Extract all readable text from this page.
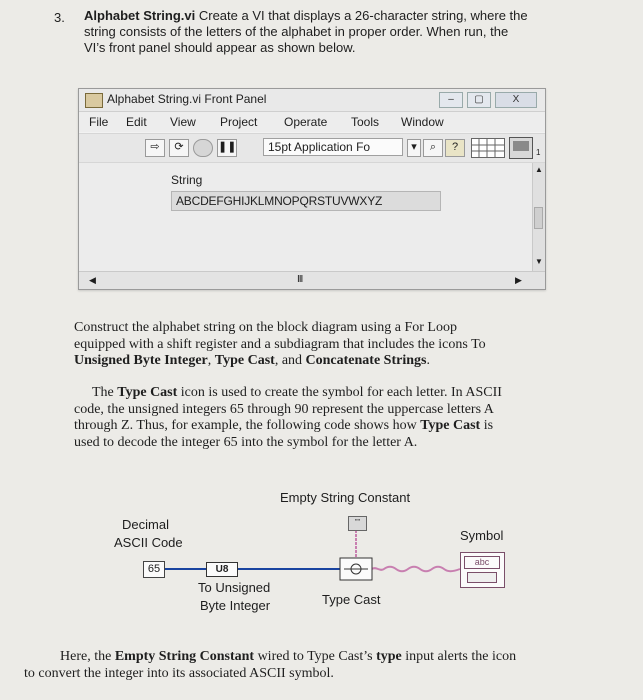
3. Alphabet String.vi Create a VI that displays a 26-character string, where the
string consists of the letters of the alphabet in proper order. When run, the
VI’s front panel should appear as shown below.
Alphabet String.vi Front Panel	–	▢	X
File Edit View Project Operate Tools Window
⇨	⟳	❚❚	15pt Application Fo	▾	⌕	?	1
String
ABCDEFGHIJKLMNOPQRSTUVWXYZ
▲
▼
◀	III	▶
Construct the alphabet string on the block diagram using a For Loop
equipped with a shift register and a subdiagram that includes the icons To
Unsigned Byte Integer, Type Cast, and Concatenate Strings.
The Type Cast icon is used to create the symbol for each letter. In ASCII
code, the unsigned integers 65 through 90 represent the uppercase letters A
through Z. Thus, for example, the following code shows how Type Cast is
used to decode the integer 65 into the symbol for the letter A.
Empty String Constant
Decimal
ASCII Code	Symbol
To Unsigned
Byte Integer	Type Cast
""
65	U8
abc
Here, the Empty String Constant wired to Type Cast’s type input alerts the icon
to convert the integer into its associated ASCII symbol.
